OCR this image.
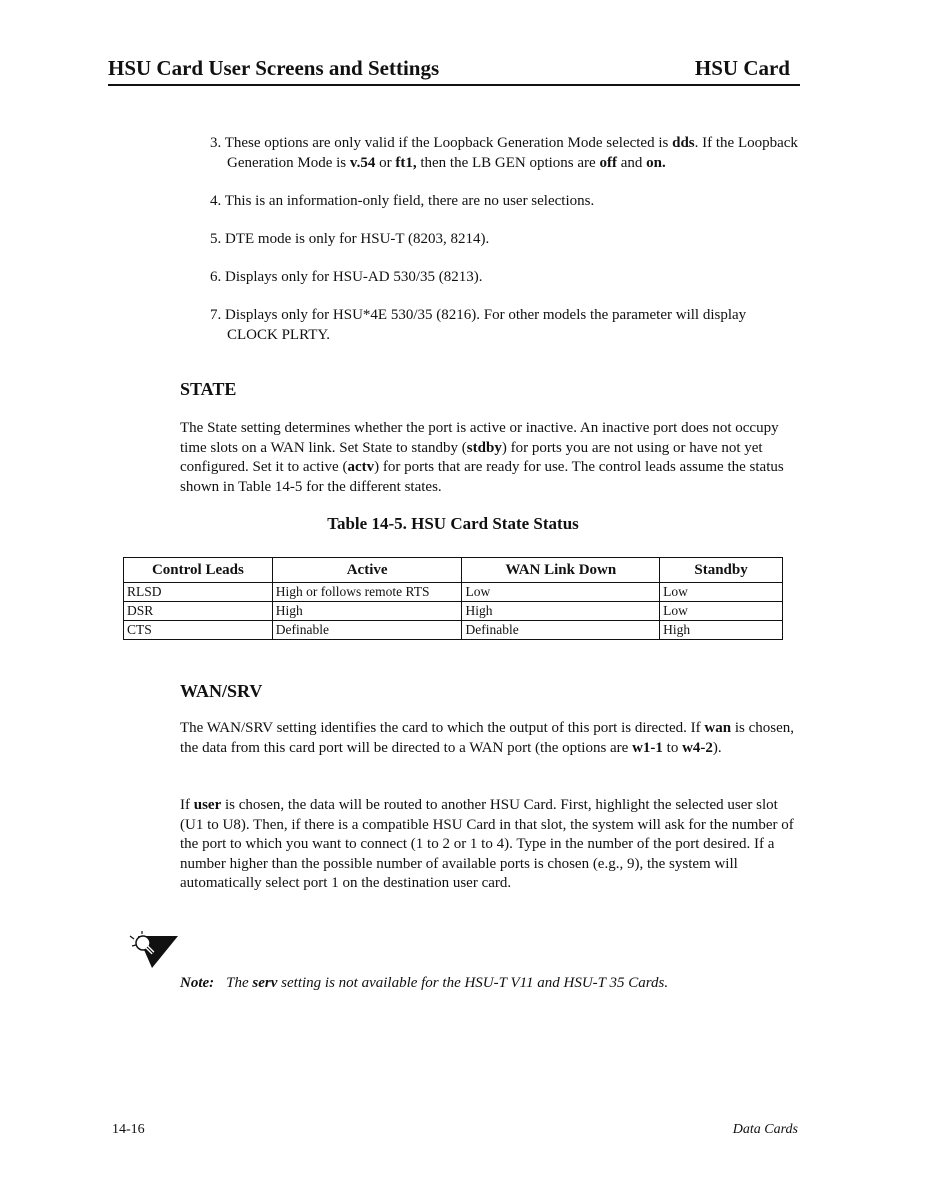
HSU Card User Screens and Settings	HSU Card
3. These options are only valid if the Loopback Generation Mode selected is dds. If the Loopback Generation Mode is v.54 or ft1, then the LB GEN options are off and on.
4. This is an information-only field, there are no user selections.
5. DTE mode is only for HSU-T (8203, 8214).
6. Displays only for HSU-AD 530/35 (8213).
7. Displays only for HSU*4E 530/35 (8216). For other models the parameter will display CLOCK PLRTY.
STATE

The State setting determines whether the port is active or inactive. An inactive port does not occupy time slots on a WAN link. Set State to standby (stdby) for ports you are not using or have not yet configured. Set it to active (actv) for ports that are ready for use. The control leads assume the status shown in Table 14-5 for the different states.

Table 14-5. HSU Card State Status
Control Leads	Active	WAN Link Down	Standby
RLSD	High or follows remote RTS	Low	Low
DSR	High	High	Low
CTS	Definable	Definable	High
WAN/SRV

The WAN/SRV setting identifies the card to which the output of this port is directed. If wan is chosen, the data from this card port will be directed to a WAN port (the options are w1-1 to w4-2).

If user is chosen, the data will be routed to another HSU Card. First, highlight the selected user slot (U1 to U8). Then, if there is a compatible HSU Card in that slot, the system will ask for the number of the port to which you want to connect (1 to 2 or 1 to 4). Type in the number of the port desired. If a number higher than the possible number of available ports is chosen (e.g., 9), the system will automatically select port 1 on the destination user card.

Note: The serv setting is not available for the HSU-T V11 and HSU-T 35 Cards.
14-16	Data Cards
